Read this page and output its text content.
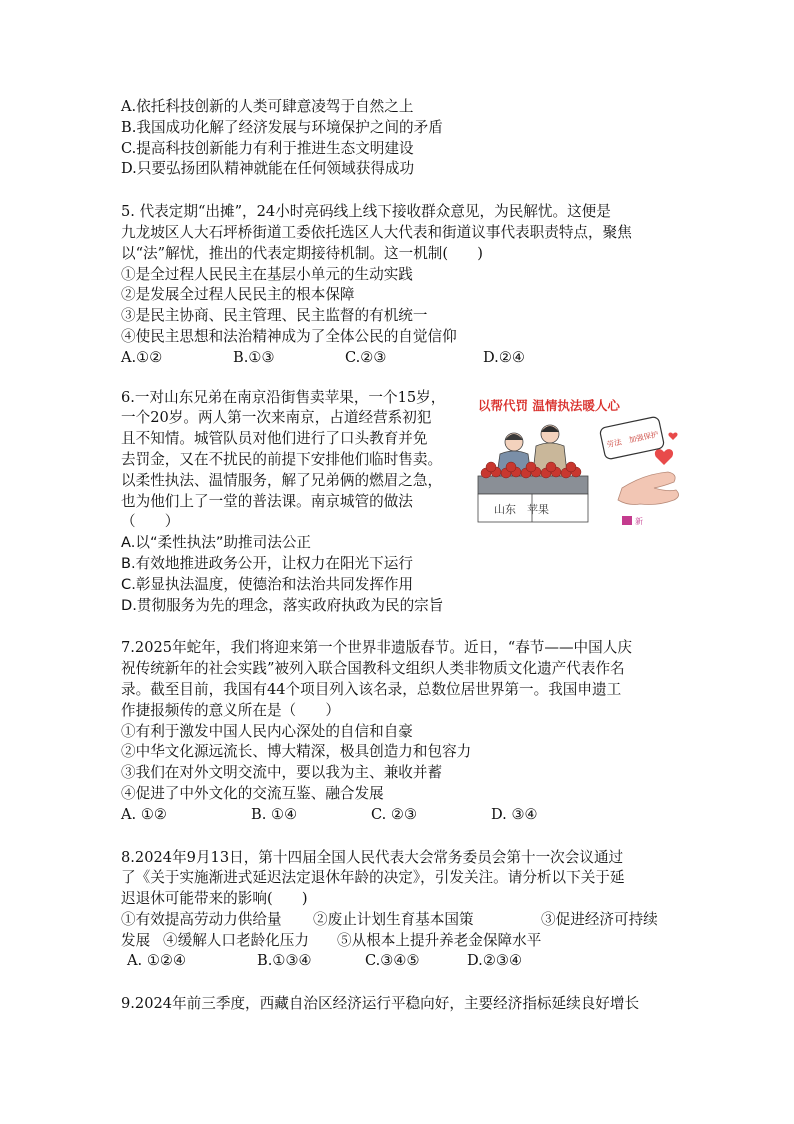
A.依托科技创新的人类可肆意凌驾于自然之上
B.我国成功化解了经济发展与环境保护之间的矛盾
C.提高科技创新能力有利于推进生态文明建设
D.只要弘扬团队精神就能在任何领域获得成功
5. 代表定期“出摊”，24小时亮码线上线下接收群众意见，为民解忧。这便是
九龙坡区人大石坪桥街道工委依托选区人大代表和街道议事代表职责特点，聚焦
以“法”解忧，推出的代表定期接待机制。这一机制(　　)
①是全过程人民民主在基层小单元的生动实践
②是发展全过程人民民主的根本保障
③是民主协商、民主管理、民主监督的有机统一
④使民主思想和法治精神成为了全体公民的自觉信仰
A.①②	B.①③	C.②③	D.②④
6.一对山东兄弟在南京沿街售卖苹果，一个15岁，
一个20岁。两人第一次来南京，占道经营系初犯
且不知情。城管队员对他们进行了口头教育并免
去罚金，又在不扰民的前提下安排他们临时售卖。
以柔性执法、温情服务，解了兄弟俩的燃眉之急，
也为他们上了一堂的普法课。南京城管的做法
（　　）
A.以“柔性执法”助推司法公正
B.有效地推进政务公开，让权力在阳光下运行
C.彰显执法温度，使德治和法治共同发挥作用
D.贯彻服务为先的理念，落实政府执政为民的宗旨
以帮代罚 温情执法暖人心
劳法　加强保护
山东　苹果
新
7.2025年蛇年，我们将迎来第一个世界非遗版春节。近日，“春节——中国人庆
祝传统新年的社会实践”被列入联合国教科文组织人类非物质文化遗产代表作名
录。截至目前，我国有44个项目列入该名录，总数位居世界第一。我国申遗工
作捷报频传的意义所在是（　　）
①有利于激发中国人民内心深处的自信和自豪
②中华文化源远流长、博大精深，极具创造力和包容力
③我们在对外文明交流中，要以我为主、兼收并蓄
④促进了中外文化的交流互鉴、融合发展
A. ①②	B. ①④	C. ②③	D. ③④
8.2024年9月13日，第十四届全国人民代表大会常务委员会第十一次会议通过
了《关于实施渐进式延迟法定退休年龄的决定》，引发关注。请分析以下关于延
迟退休可能带来的影响(　　)
①有效提高劳动力供给量	②废止计划生育基本国策	③促进经济可持续
发展 ④缓解人口老龄化压力	⑤从根本上提升养老金保障水平
A. ①②④	B.①③④	C.③④⑤	D.②③④
9.2024年前三季度，西藏自治区经济运行平稳向好，主要经济指标延续良好增长
